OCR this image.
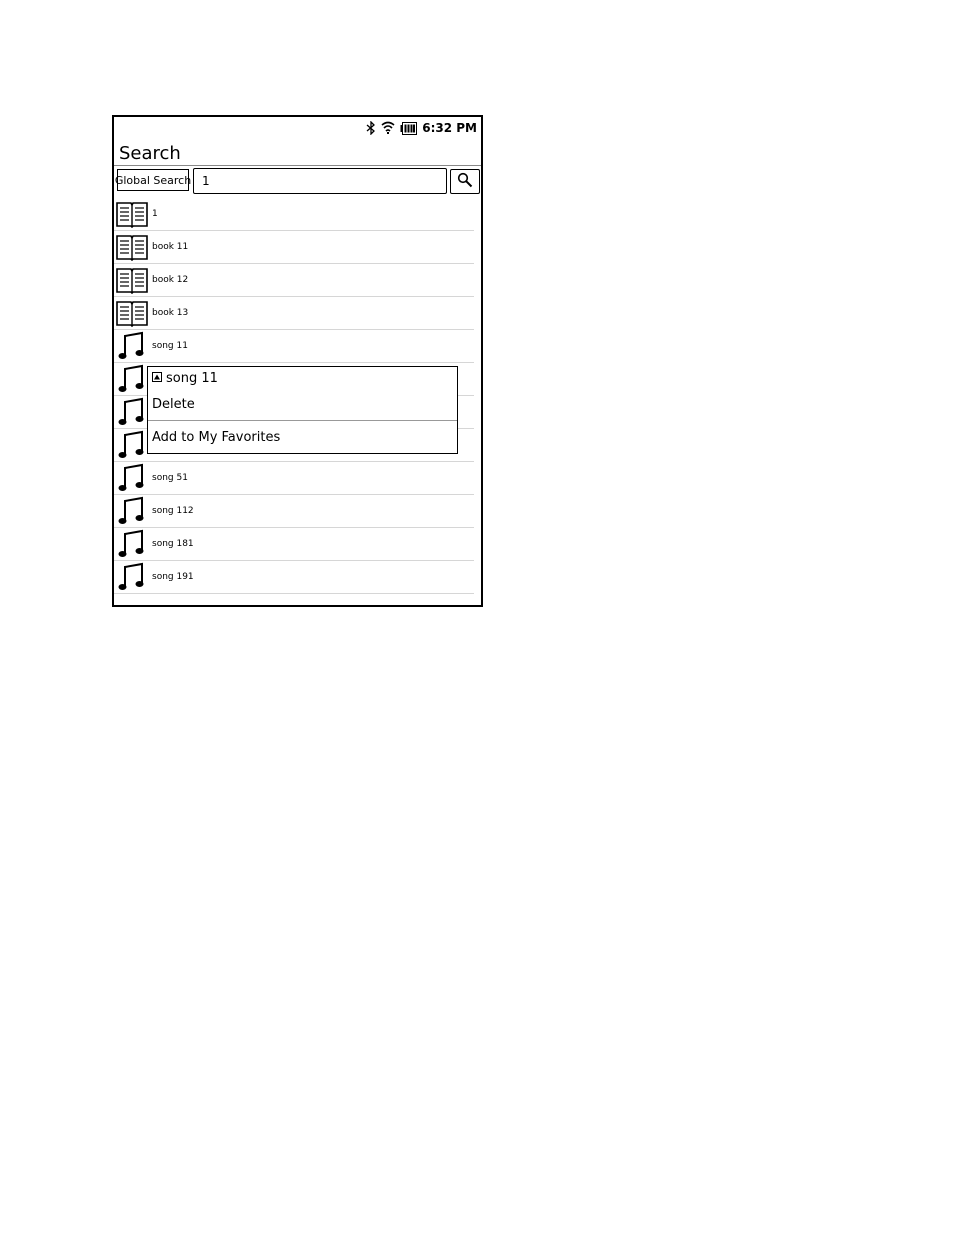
6:32 PM
Search
Global Search 1
1
book 11
book 12
book 13
song 11
song 51
song 112
song 181
song 191
song 11
Delete
Add to My Favorites
